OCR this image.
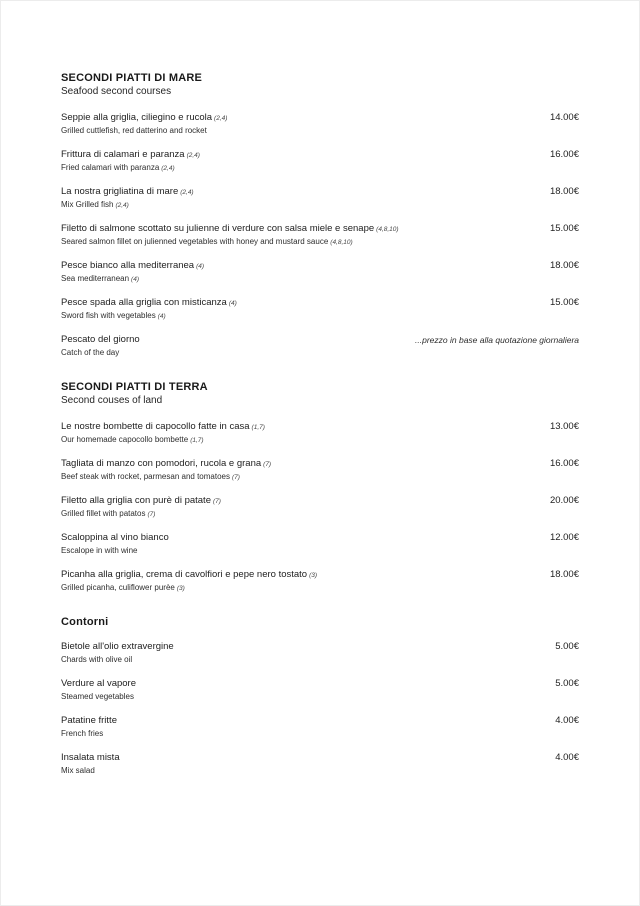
SECONDI PIATTI DI MARE
Seafood second courses
Seppie alla griglia, ciliegino e rucola (2,4)
Grilled cuttlefish, red datterino and rocket
14.00€
Frittura di calamari e paranza (2,4)
Fried calamari with paranza (2,4)
16.00€
La nostra grigliatina di mare (2,4)
Mix Grilled fish (2,4)
18.00€
Filetto di salmone scottato su julienne di verdure con salsa miele e senape (4,8,10)
Seared salmon fillet on julienned vegetables with honey and mustard sauce (4,8,10)
15.00€
Pesce bianco alla mediterranea (4)
Sea mediterranean (4)
18.00€
Pesce spada alla griglia con misticanza (4)
Sword fish with vegetables (4)
15.00€
Pescato del giorno
Catch of the day
...prezzo in base alla quotazione giornaliera
SECONDI PIATTI DI TERRA
Second couses of land
Le nostre bombette di capocollo fatte in casa (1,7)
Our homemade capocollo bombette (1,7)
13.00€
Tagliata di manzo con pomodori, rucola e grana (7)
Beef steak with rocket, parmesan and tomatoes (7)
16.00€
Filetto alla griglia con purè di patate (7)
Grilled fillet with patatos (7)
20.00€
Scaloppina al vino bianco
Escalope in with wine
12.00€
Picanha alla griglia, crema di cavolfiori e pepe nero tostato (3)
Grilled picanha, culiflower purèe (3)
18.00€
Contorni
Bietole all'olio extravergine
Chards with olive oil
5.00€
Verdure al vapore
Steamed vegetables
5.00€
Patatine fritte
French fries
4.00€
Insalata mista
Mix salad
4.00€
